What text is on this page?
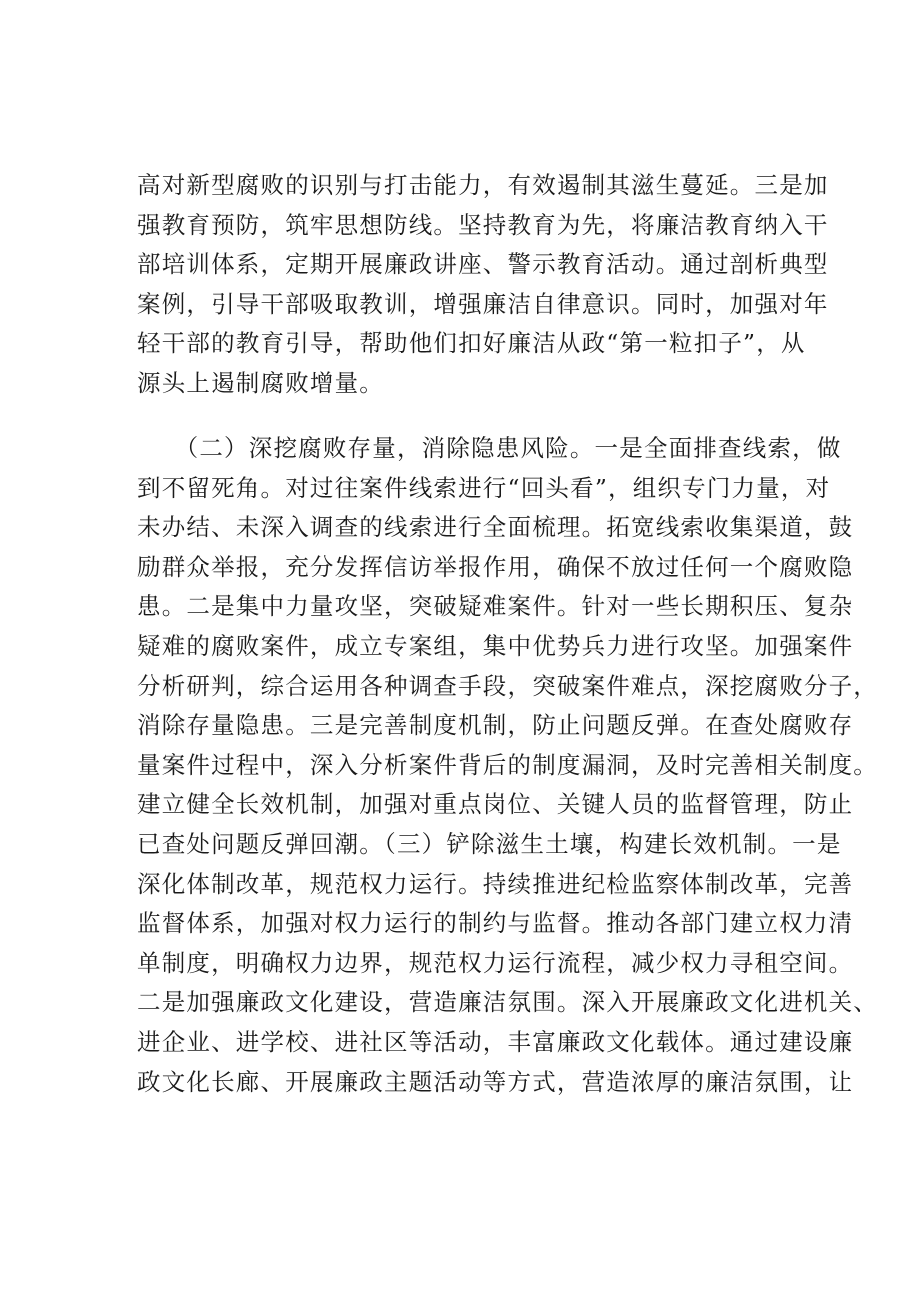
高对新型腐败的识别与打击能力，有效遏制其滋生蔓延。三是加
强教育预防，筑牢思想防线。坚持教育为先，将廉洁教育纳入干
部培训体系，定期开展廉政讲座、警示教育活动。通过剖析典型
案例，引导干部吸取教训，增强廉洁自律意识。同时，加强对年
轻干部的教育引导，帮助他们扣好廉洁从政“第一粒扣子”，从
源头上遏制腐败增量。
　　（二）深挖腐败存量，消除隐患风险。一是全面排查线索，做
到不留死角。对过往案件线索进行“回头看”，组织专门力量，对
未办结、未深入调查的线索进行全面梳理。拓宽线索收集渠道，鼓
励群众举报，充分发挥信访举报作用，确保不放过任何一个腐败隐
患。二是集中力量攻坚，突破疑难案件。针对一些长期积压、复杂
疑难的腐败案件，成立专案组，集中优势兵力进行攻坚。加强案件
分析研判，综合运用各种调查手段，突破案件难点，深挖腐败分子，
消除存量隐患。三是完善制度机制，防止问题反弹。在查处腐败存
量案件过程中，深入分析案件背后的制度漏洞，及时完善相关制度。
建立健全长效机制，加强对重点岗位、关键人员的监督管理，防止
已查处问题反弹回潮。（三）铲除滋生土壤，构建长效机制。一是
深化体制改革，规范权力运行。持续推进纪检监察体制改革，完善
监督体系，加强对权力运行的制约与监督。推动各部门建立权力清
单制度，明确权力边界，规范权力运行流程，减少权力寻租空间。
二是加强廉政文化建设，营造廉洁氛围。深入开展廉政文化进机关、
进企业、进学校、进社区等活动，丰富廉政文化载体。通过建设廉
政文化长廊、开展廉政主题活动等方式，营造浓厚的廉洁氛围，让
